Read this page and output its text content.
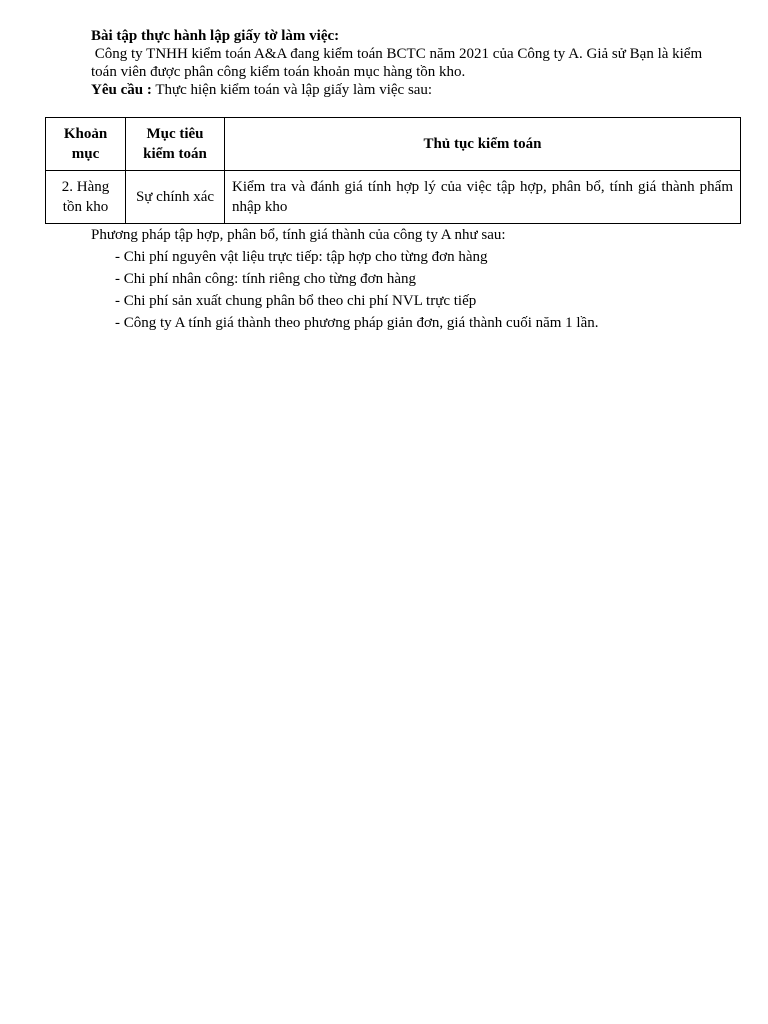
Bài tập thực hành lập giấy tờ làm việc:

Công ty TNHH kiểm toán A&A đang kiểm toán BCTC năm 2021 của Công ty A. Giả sử Bạn là kiểm toán viên được phân công kiểm toán khoản mục hàng tồn kho.

Yêu cầu : Thực hiện kiểm toán và lập giấy làm việc sau:

Khoản mục	Mục tiêu kiểm toán	Thủ tục kiểm toán
2. Hàng tồn kho	Sự chính xác	Kiểm tra và đánh giá tính hợp lý của việc tập hợp, phân bổ, tính giá thành phẩm nhập kho

Phương pháp tập hợp, phân bổ, tính giá thành của công ty A như sau:

- Chi phí nguyên vật liệu trực tiếp: tập hợp cho từng đơn hàng
- Chi phí nhân công: tính riêng cho từng đơn hàng
- Chi phí sản xuất chung phân bổ theo chi phí NVL trực tiếp
- Công ty A tính giá thành theo phương pháp giản đơn, giá thành cuối năm 1 lần.
